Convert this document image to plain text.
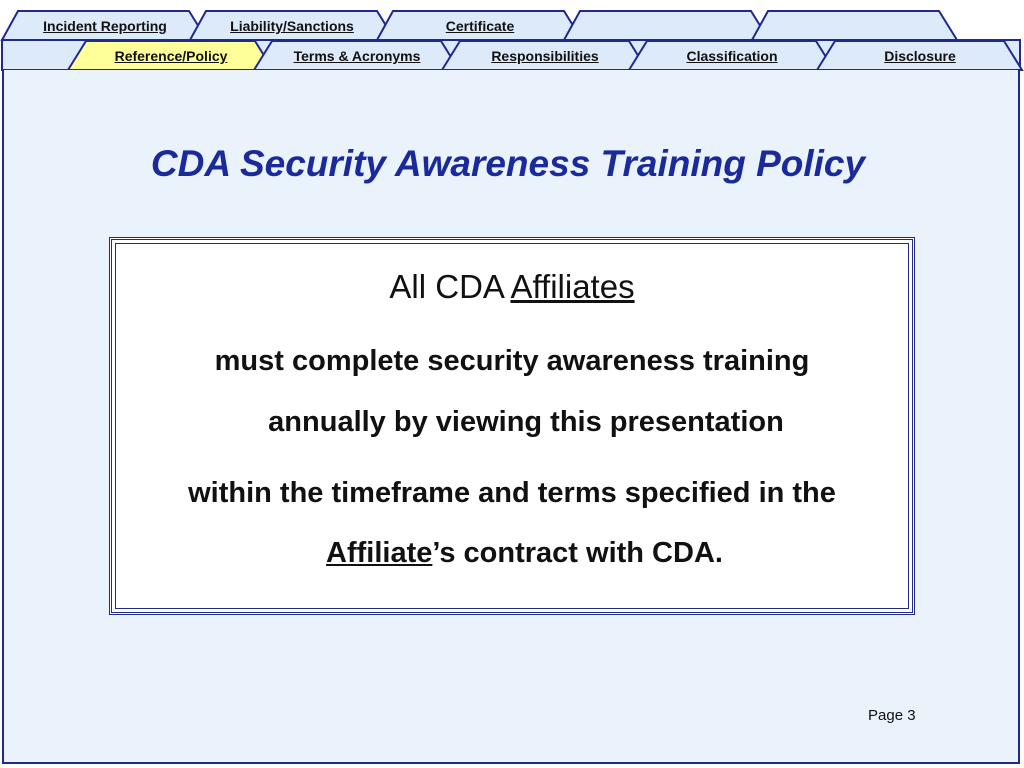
Incident Reporting	Liability/Sanctions	Certificate
Reference/Policy	Terms & Acronyms	Responsibilities	Classification	Disclosure
CDA Security Awareness Training Policy
All CDA Affiliates
must complete security awareness training
annually by viewing this presentation
within the timeframe and terms specified in the
Affiliate’s contract with CDA.
Page 3
